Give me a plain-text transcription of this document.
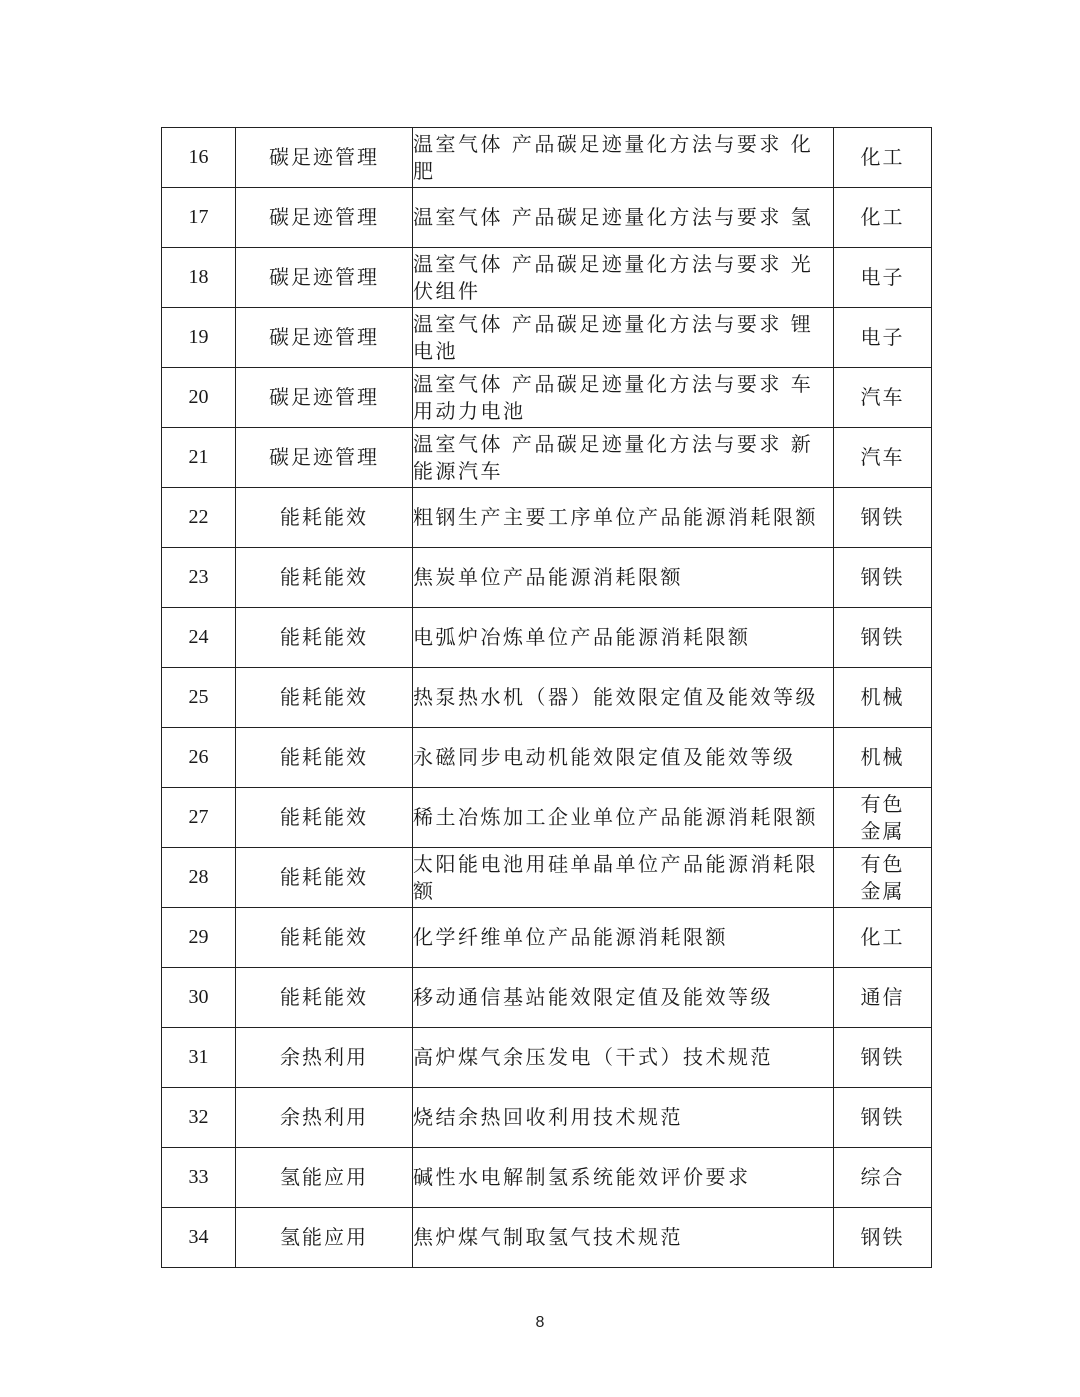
16	碳足迹管理	温室气体 产品碳足迹量化方法与要求 化肥	化工
17	碳足迹管理	温室气体 产品碳足迹量化方法与要求 氢	化工
18	碳足迹管理	温室气体 产品碳足迹量化方法与要求 光伏组件	电子
19	碳足迹管理	温室气体 产品碳足迹量化方法与要求 锂电池	电子
20	碳足迹管理	温室气体 产品碳足迹量化方法与要求 车用动力电池	汽车
21	碳足迹管理	温室气体 产品碳足迹量化方法与要求 新能源汽车	汽车
22	能耗能效	粗钢生产主要工序单位产品能源消耗限额	钢铁
23	能耗能效	焦炭单位产品能源消耗限额	钢铁
24	能耗能效	电弧炉冶炼单位产品能源消耗限额	钢铁
25	能耗能效	热泵热水机（器）能效限定值及能效等级	机械
26	能耗能效	永磁同步电动机能效限定值及能效等级	机械
27	能耗能效	稀土冶炼加工企业单位产品能源消耗限额	有色金属
28	能耗能效	太阳能电池用硅单晶单位产品能源消耗限额	有色金属
29	能耗能效	化学纤维单位产品能源消耗限额	化工
30	能耗能效	移动通信基站能效限定值及能效等级	通信
31	余热利用	高炉煤气余压发电（干式）技术规范	钢铁
32	余热利用	烧结余热回收利用技术规范	钢铁
33	氢能应用	碱性水电解制氢系统能效评价要求	综合
34	氢能应用	焦炉煤气制取氢气技术规范	钢铁
8
